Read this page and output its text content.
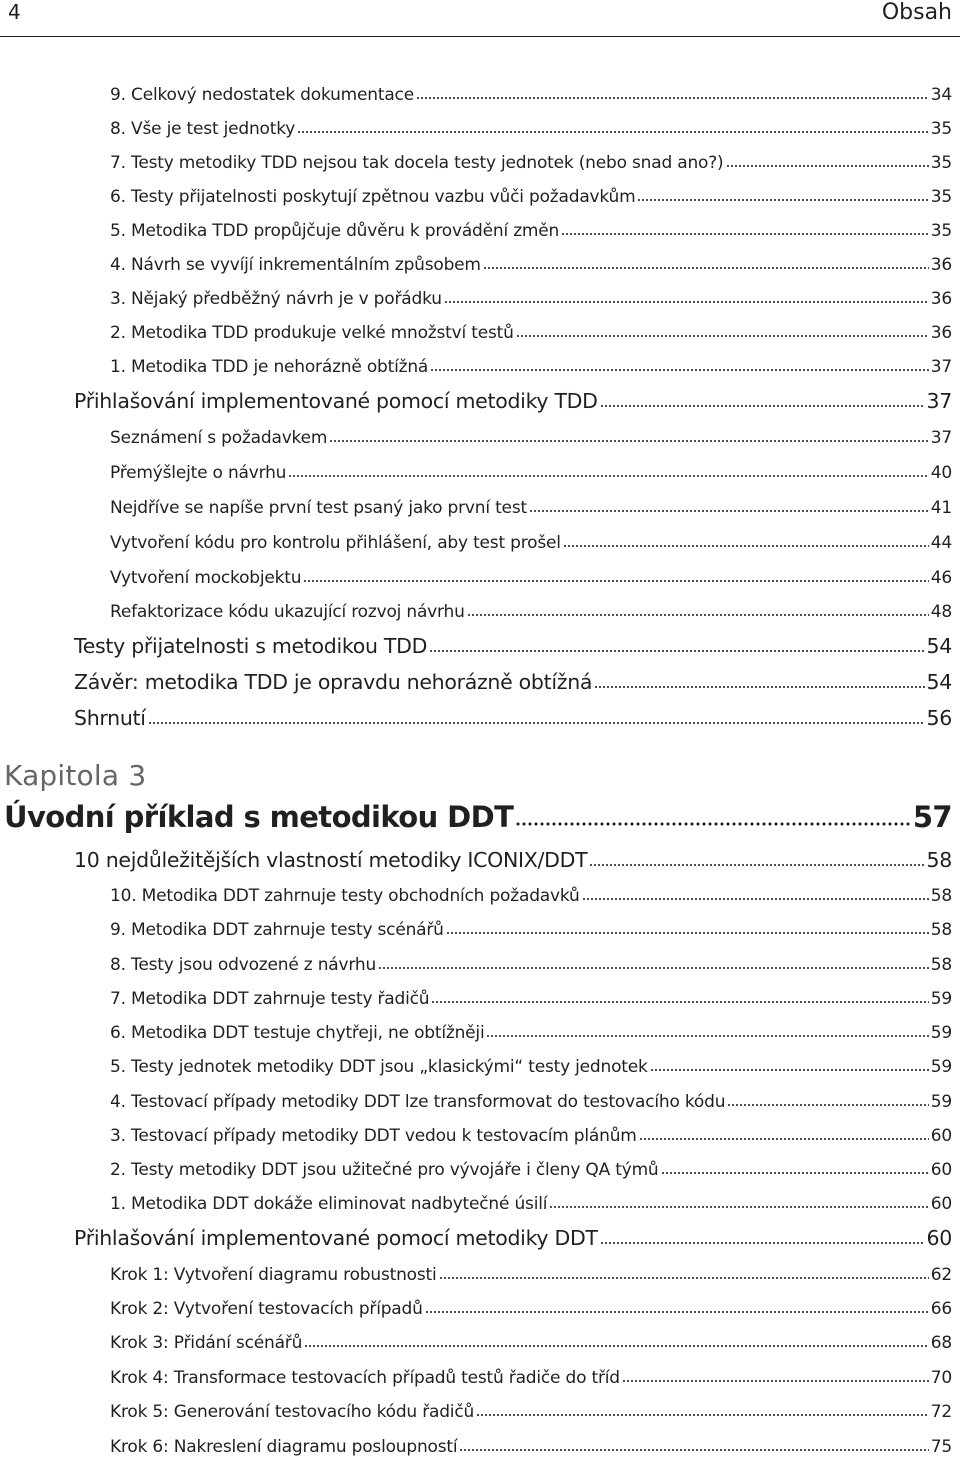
4	Obsah
9. Celkový nedostatek dokumentace	34
8. Vše je test jednotky	35
7. Testy metodiky TDD nejsou tak docela testy jednotek (nebo snad ano?)	35
6. Testy přijatelnosti poskytují zpětnou vazbu vůči požadavkům	35
5. Metodika TDD propůjčuje důvěru k provádění změn	35
4. Návrh se vyvíjí inkrementálním způsobem	36
3. Nějaký předběžný návrh je v pořádku	36
2. Metodika TDD produkuje velké množství testů	36
1. Metodika TDD je nehorázně obtížná	37
Přihlašování implementované pomocí metodiky TDD	37
Seznámení s požadavkem	37
Přemýšlejte o návrhu	40
Nejdříve se napíše první test psaný jako první test	41
Vytvoření kódu pro kontrolu přihlášení, aby test prošel	44
Vytvoření mockobjektu	46
Refaktorizace kódu ukazující rozvoj návrhu	48
Testy přijatelnosti s metodikou TDD	54
Závěr: metodika TDD je opravdu nehorázně obtížná	54
Shrnutí	56
Kapitola 3
Úvodní příklad s metodikou DDT	57
10 nejdůležitějších vlastností metodiky ICONIX/DDT	58
10. Metodika DDT zahrnuje testy obchodních požadavků	58
9. Metodika DDT zahrnuje testy scénářů	58
8. Testy jsou odvozené z návrhu	58
7. Metodika DDT zahrnuje testy řadičů	59
6. Metodika DDT testuje chytřeji, ne obtížněji	59
5. Testy jednotek metodiky DDT jsou „klasickými“ testy jednotek	59
4. Testovací případy metodiky DDT lze transformovat do testovacího kódu	59
3. Testovací případy metodiky DDT vedou k testovacím plánům	60
2. Testy metodiky DDT jsou užitečné pro vývojáře i členy QA týmů	60
1. Metodika DDT dokáže eliminovat nadbytečné úsilí	60
Přihlašování implementované pomocí metodiky DDT	60
Krok 1: Vytvoření diagramu robustnosti	62
Krok 2: Vytvoření testovacích případů	66
Krok 3: Přidání scénářů	68
Krok 4: Transformace testovacích případů testů řadiče do tříd	70
Krok 5: Generování testovacího kódu řadičů	72
Krok 6: Nakreslení diagramu posloupností	75
